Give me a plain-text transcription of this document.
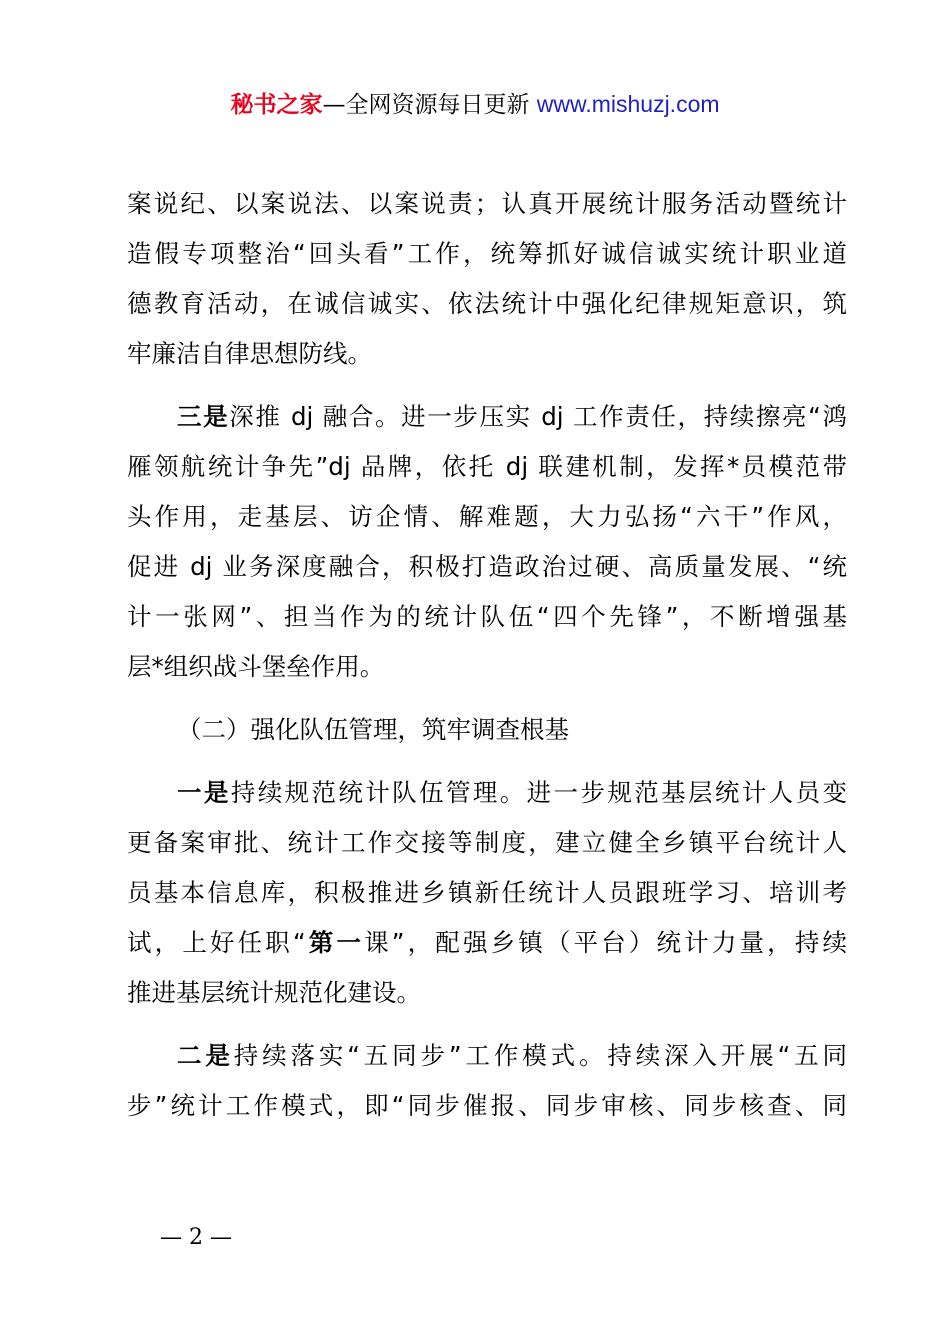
秘书之家—全网资源每日更新 www.mishuzj.com
案说纪、以案说法、以案说责；认真开展统计服务活动暨统计
造假专项整治“回头看”工作，统筹抓好诚信诚实统计职业道
德教育活动，在诚信诚实、依法统计中强化纪律规矩意识，筑
牢廉洁自律思想防线。
三是深推 dj 融合。进一步压实 dj 工作责任，持续擦亮“鸿
雁领航统计争先”dj 品牌，依托 dj 联建机制，发挥*员模范带
头作用，走基层、访企情、解难题，大力弘扬“六干”作风，
促进 dj 业务深度融合，积极打造政治过硬、高质量发展、“统
计一张网”、担当作为的统计队伍“四个先锋”，不断增强基
层*组织战斗堡垒作用。
（二）强化队伍管理，筑牢调查根基
一是持续规范统计队伍管理。进一步规范基层统计人员变
更备案审批、统计工作交接等制度，建立健全乡镇平台统计人
员基本信息库，积极推进乡镇新任统计人员跟班学习、培训考
试，上好任职“第一课”，配强乡镇（平台）统计力量，持续
推进基层统计规范化建设。
二是持续落实“五同步”工作模式。持续深入开展“五同
步”统计工作模式，即“同步催报、同步审核、同步核查、同
— 2 —
